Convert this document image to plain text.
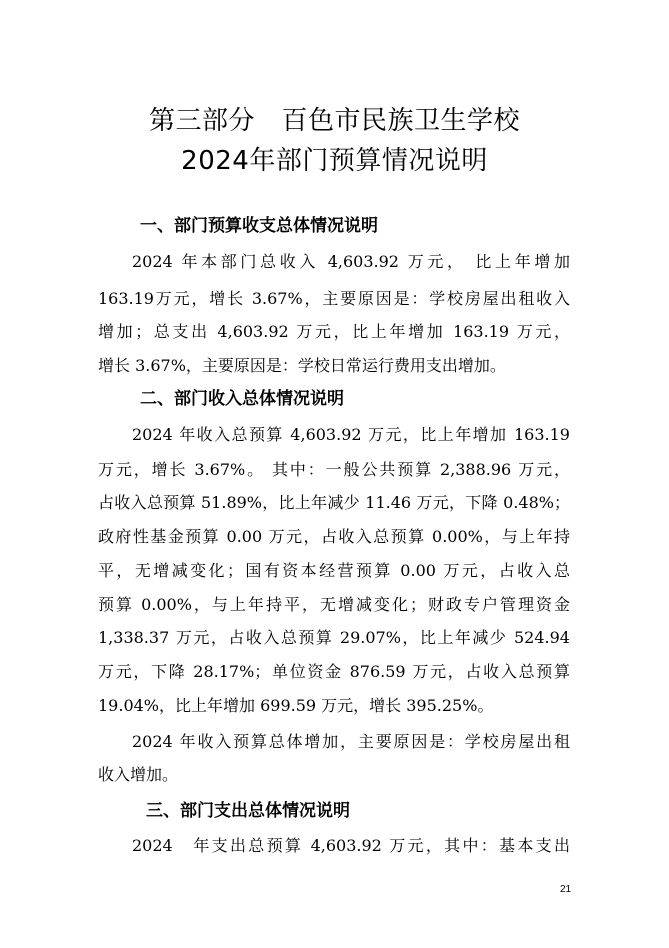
第三部分　百色市民族卫生学校
2024年部门预算情况说明
一、部门预算收支总体情况说明
2024 年本部门总收入 4,603.92 万元， 比上年增加
163.19万元，增长 3.67%，主要原因是：学校房屋出租收入
增加；总支出 4,603.92 万元，比上年增加 163.19 万元，
增长 3.67%，主要原因是：学校日常运行费用支出增加。
二、部门收入总体情况说明
2024 年收入总预算 4,603.92 万元，比上年增加 163.19
万元，增长 3.67%。 其中：一般公共预算 2,388.96 万元，
占收入总预算 51.89%，比上年减少 11.46 万元，下降 0.48%；
政府性基金预算 0.00 万元，占收入总预算 0.00%，与上年持
平，无增减变化；国有资本经营预算 0.00 万元，占收入总
预算 0.00%，与上年持平，无增减变化；财政专户管理资金
1,338.37 万元，占收入总预算 29.07%，比上年减少 524.94
万元，下降 28.17%；单位资金 876.59 万元，占收入总预算
19.04%，比上年增加 699.59 万元，增长 395.25%。
2024 年收入预算总体增加，主要原因是：学校房屋出租
收入增加。
三、部门支出总体情况说明
2024　年支出总预算 4,603.92 万元，其中：基本支出
21
